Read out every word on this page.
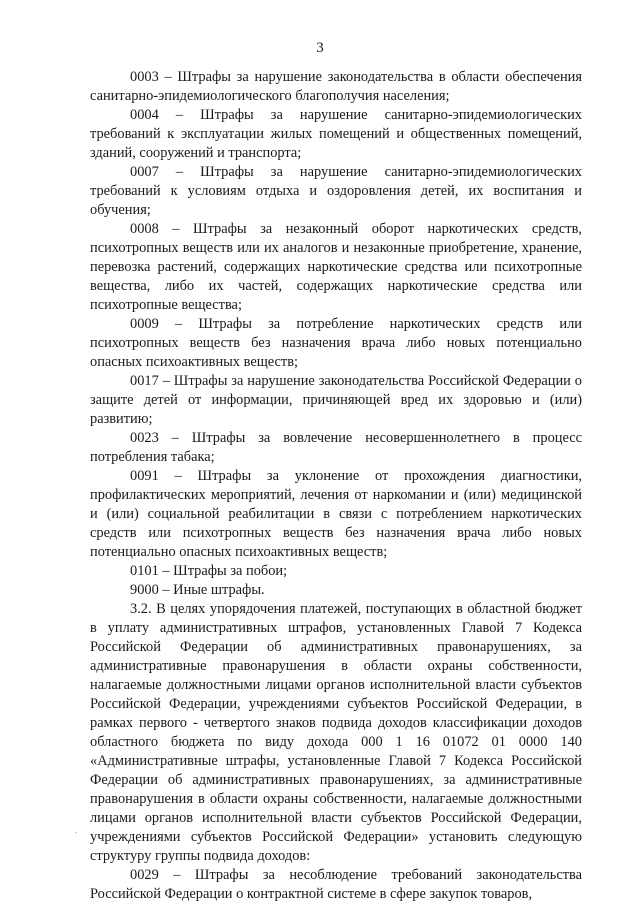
3

0003 – Штрафы за нарушение законодательства в области обеспечения санитарно-эпидемиологического благополучия населения;

0004 – Штрафы за нарушение санитарно-эпидемиологических требований к эксплуатации жилых помещений и общественных помещений, зданий, сооружений и транспорта;

0007 – Штрафы за нарушение санитарно-эпидемиологических требований к условиям отдыха и оздоровления детей, их воспитания и обучения;

0008 – Штрафы за незаконный оборот наркотических средств, психотропных веществ или их аналогов и незаконные приобретение, хранение, перевозка растений, содержащих наркотические средства или психотропные вещества, либо их частей, содержащих наркотические средства или психотропные вещества;

0009 – Штрафы за потребление наркотических средств или психотропных веществ без назначения врача либо новых потенциально опасных психоактивных веществ;

0017 – Штрафы за нарушение законодательства Российской Федерации о защите детей от информации, причиняющей вред их здоровью и (или) развитию;

0023 – Штрафы за вовлечение несовершеннолетнего в процесс потребления табака;

0091 – Штрафы за уклонение от прохождения диагностики, профилактических мероприятий, лечения от наркомании и (или) медицинской и (или) социальной реабилитации в связи с потреблением наркотических средств или психотропных веществ без назначения врача либо новых потенциально опасных психоактивных веществ;

0101 – Штрафы за побои;

9000 – Иные штрафы.

3.2. В целях упорядочения платежей, поступающих в областной бюджет в уплату административных штрафов, установленных Главой 7 Кодекса Российской Федерации об административных правонарушениях, за административные правонарушения в области охраны собственности, налагаемые должностными лицами органов исполнительной власти субъектов Российской Федерации, учреждениями субъектов Российской Федерации, в рамках первого - четвертого знаков подвида доходов классификации доходов областного бюджета по виду дохода 000 1 16 01072 01 0000 140 «Административные штрафы, установленные Главой 7 Кодекса Российской Федерации об административных правонарушениях, за административные правонарушения в области охраны собственности, налагаемые должностными лицами органов исполнительной власти субъектов Российской Федерации, учреждениями субъектов Российской Федерации» установить следующую структуру группы подвида доходов:

0029 – Штрафы за несоблюдение требований законодательства Российской Федерации о контрактной системе в сфере закупок товаров,

·
